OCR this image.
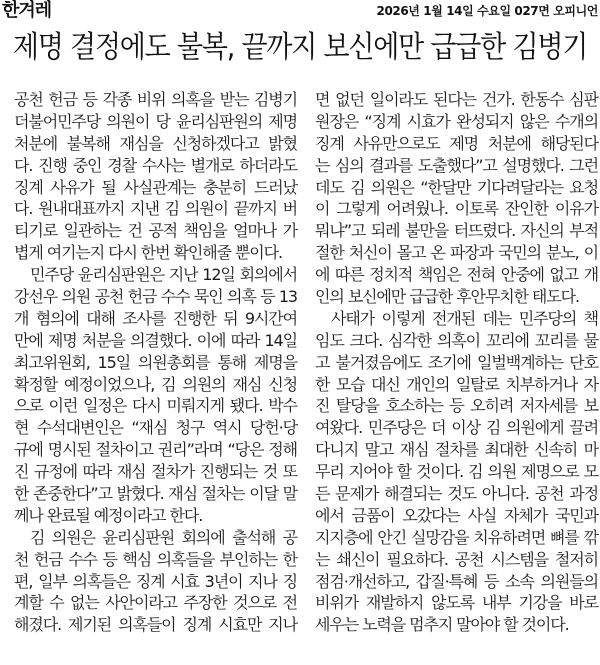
한겨레	2026년 1월 14일 수요일 027면 오피니언
제명 결정에도 불복, 끝까지 보신에만 급급한 김병기
공천 헌금 등 각종 비위 의혹을 받는 김병기
더불어민주당 의원이 당 윤리심판원의 제명
처분에 불복해 재심을 신청하겠다고 밝혔
다. 진행 중인 경찰 수사는 별개로 하더라도
징계 사유가 될 사실관계는 충분히 드러났
다. 원내대표까지 지낸 김 의원이 끝까지 버
티기로 일관하는 건 공적 책임을 얼마나 가
볍게 여기는지 다시 한번 확인해줄 뿐이다.
민주당 윤리심판원은 지난 12일 회의에서
강선우 의원 공천 헌금 수수 묵인 의혹 등 13
개 혐의에 대해 조사를 진행한 뒤 9시간여
만에 제명 처분을 의결했다. 이에 따라 14일
최고위원회, 15일 의원총회를 통해 제명을
확정할 예정이었으나, 김 의원의 재심 신청
으로 이런 일정은 다시 미뤄지게 됐다. 박수
현 수석대변인은 “재심 청구 역시 당헌·당
규에 명시된 절차이고 권리”라며 “당은 정해
진 규정에 따라 재심 절차가 진행되는 것 또
한 존중한다”고 밝혔다. 재심 절차는 이달 말
께나 완료될 예정이라고 한다.
김 의원은 윤리심판원 회의에 출석해 공
천 헌금 수수 등 핵심 의혹들을 부인하는 한
편, 일부 의혹들은 징계 시효 3년이 지나 징
계할 수 없는 사안이라고 주장한 것으로 전
해졌다. 제기된 의혹들이 징계 시효만 지나
면 없던 일이라도 된다는 건가. 한동수 심판
원장은 “징계 시효가 완성되지 않은 수개의
징계 사유만으로도 제명 처분에 해당된다
는 심의 결과를 도출했다”고 설명했다. 그런
데도 김 의원은 “한달만 기다려달라는 요청
이 그렇게 어려웠나. 이토록 잔인한 이유가
뭐냐”고 되레 불만을 터뜨렸다. 자신의 부적
절한 처신이 몰고 온 파장과 국민의 분노, 이
에 따른 정치적 책임은 전혀 안중에 없고 개
인의 보신에만 급급한 후안무치한 태도다.
사태가 이렇게 전개된 데는 민주당의 책
임도 크다. 심각한 의혹이 꼬리에 꼬리를 물
고 불거졌음에도 조기에 일벌백계하는 단호
한 모습 대신 개인의 일탈로 치부하거나 자
진 탈당을 호소하는 등 오히려 저자세를 보
여왔다. 민주당은 더 이상 김 의원에게 끌려
다니지 말고 재심 절차를 최대한 신속히 마
무리 지어야 할 것이다. 김 의원 제명으로 모
든 문제가 해결되는 것도 아니다. 공천 과정
에서 금품이 오갔다는 사실 자체가 국민과
지지층에 안긴 실망감을 치유하려면 뼈를 깎
는 쇄신이 필요하다. 공천 시스템을 철저히
점검·개선하고, 갑질·특혜 등 소속 의원들의
비위가 재발하지 않도록 내부 기강을 바로
세우는 노력을 멈추지 말아야 할 것이다.
